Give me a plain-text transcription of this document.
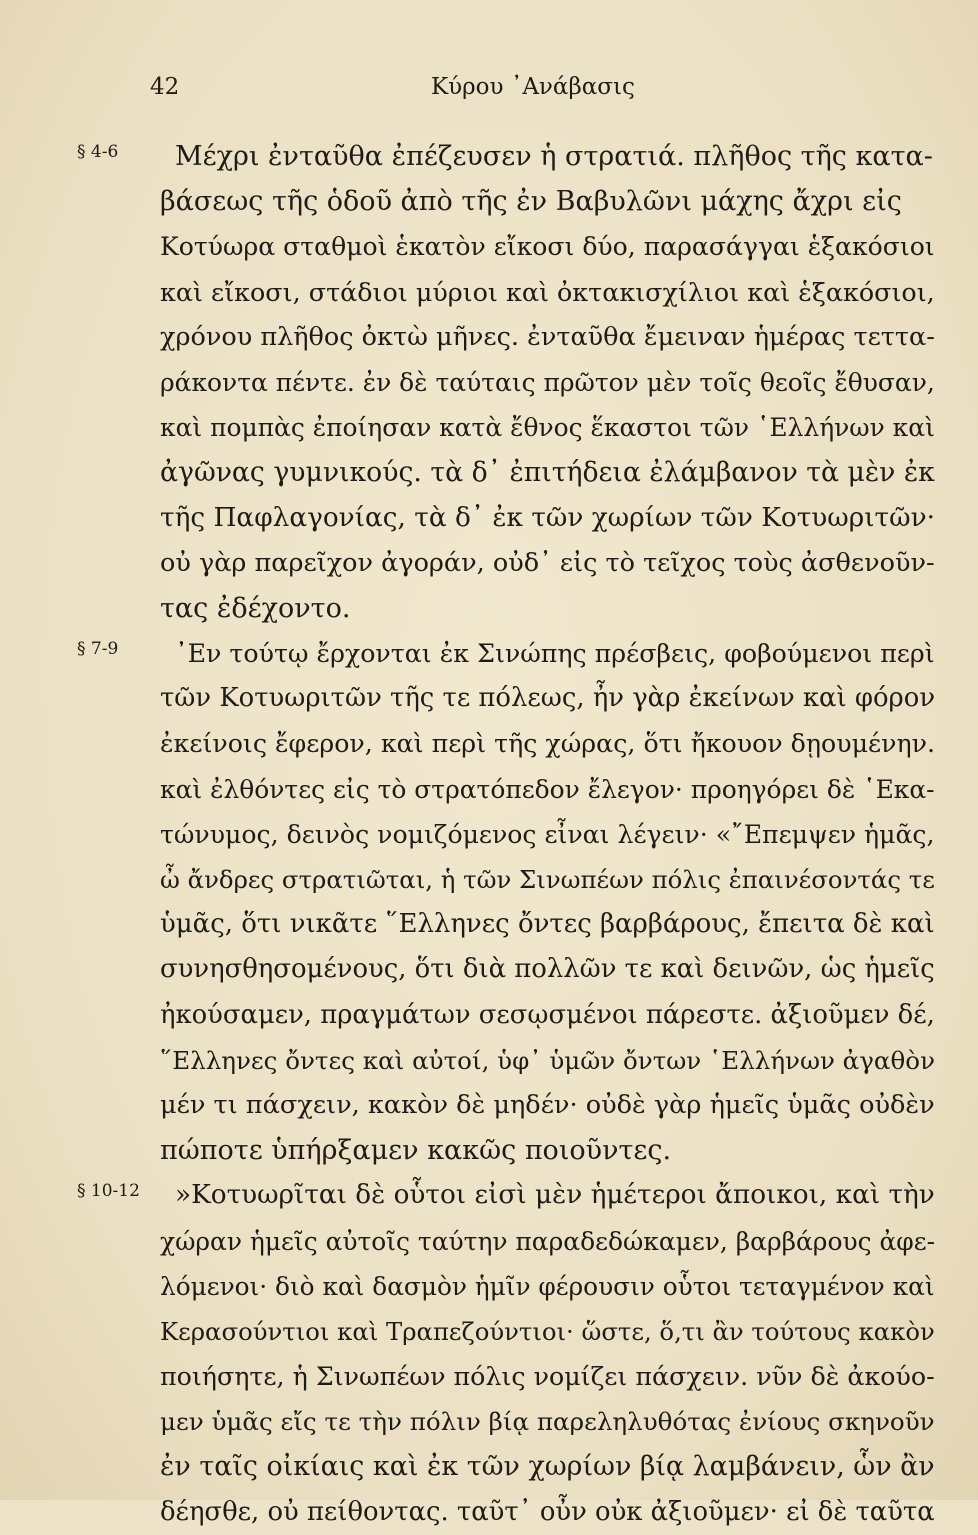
42	Κύρου ᾿Ανάβασις
§ 4-6	Μέχρι ἐνταῦθα ἐπέζευσεν ἡ στρατιά. πλῆθος τῆς κατα-
βάσεως τῆς ὁδοῦ ἀπὸ τῆς ἐν Βαβυλῶνι μάχης ἄχρι εἰς
Κοτύωρα σταθμοὶ ἑκατὸν εἴκοσι δύο, παρασάγγαι ἑξακόσιοι
καὶ εἴκοσι, στάδιοι μύριοι καὶ ὀκτακισχίλιοι καὶ ἑξακόσιοι,
χρόνου πλῆθος ὀκτὼ μῆνες. ἐνταῦθα ἔμειναν ἡμέρας τεττα-
ράκοντα πέντε. ἐν δὲ ταύταις πρῶτον μὲν τοῖς θεοῖς ἔθυσαν,
καὶ πομπὰς ἐποίησαν κατὰ ἔθνος ἕκαστοι τῶν ῾Ελλήνων καὶ
ἀγῶνας γυμνικούς. τὰ δ᾿ ἐπιτήδεια ἐλάμβανον τὰ μὲν ἐκ
τῆς Παφλαγονίας, τὰ δ᾿ ἐκ τῶν χωρίων τῶν Κοτυωριτῶν·
οὐ γὰρ παρεῖχον ἀγοράν, οὐδ᾿ εἰς τὸ τεῖχος τοὺς ἀσθενοῦν-
τας ἐδέχοντο.
§ 7-9	᾿Εν τούτῳ ἔρχονται ἐκ Σινώπης πρέσβεις, φοβούμενοι περὶ
τῶν Κοτυωριτῶν τῆς τε πόλεως, ἦν γὰρ ἐκείνων καὶ φόρον
ἐκείνοις ἔφερον, καὶ περὶ τῆς χώρας, ὅτι ἤκουον δῃουμένην.
καὶ ἐλθόντες εἰς τὸ στρατόπεδον ἔλεγον· προηγόρει δὲ ῾Εκα-
τώνυμος, δεινὸς νομιζόμενος εἶναι λέγειν· «῎Επεμψεν ἡμᾶς,
ὦ ἄνδρες στρατιῶται, ἡ τῶν Σινωπέων πόλις ἐπαινέσοντάς τε
ὑμᾶς, ὅτι νικᾶτε ῞Ελληνες ὄντες βαρβάρους, ἔπειτα δὲ καὶ
συνησθησομένους, ὅτι διὰ πολλῶν τε καὶ δεινῶν, ὡς ἡμεῖς
ἠκούσαμεν, πραγμάτων σεσῳσμένοι πάρεστε. ἀξιοῦμεν δέ,
῞Ελληνες ὄντες καὶ αὐτοί, ὑφ᾿ ὑμῶν ὄντων ῾Ελλήνων ἀγαθὸν
μέν τι πάσχειν, κακὸν δὲ μηδέν· οὐδὲ γὰρ ἡμεῖς ὑμᾶς οὐδὲν
πώποτε ὑπήρξαμεν κακῶς ποιοῦντες.
§ 10-12	»Κοτυωρῖται δὲ οὗτοι εἰσὶ μὲν ἡμέτεροι ἄποικοι, καὶ τὴν
χώραν ἡμεῖς αὐτοῖς ταύτην παραδεδώκαμεν, βαρβάρους ἀφε-
λόμενοι· διὸ καὶ δασμὸν ἡμῖν φέρουσιν οὗτοι τεταγμένον καὶ
Κερασούντιοι καὶ Τραπεζούντιοι· ὥστε, ὅ,τι ἂν τούτους κακὸν
ποιήσητε, ἡ Σινωπέων πόλις νομίζει πάσχειν. νῦν δὲ ἀκούο-
μεν ὑμᾶς εἴς τε τὴν πόλιν βίᾳ παρεληλυθότας ἐνίους σκηνοῦν
ἐν ταῖς οἰκίαις καὶ ἐκ τῶν χωρίων βίᾳ λαμβάνειν, ὧν ἂν
δέησθε, οὐ πείθοντας. ταῦτ᾿ οὖν οὐκ ἀξιοῦμεν· εἰ δὲ ταῦτα
